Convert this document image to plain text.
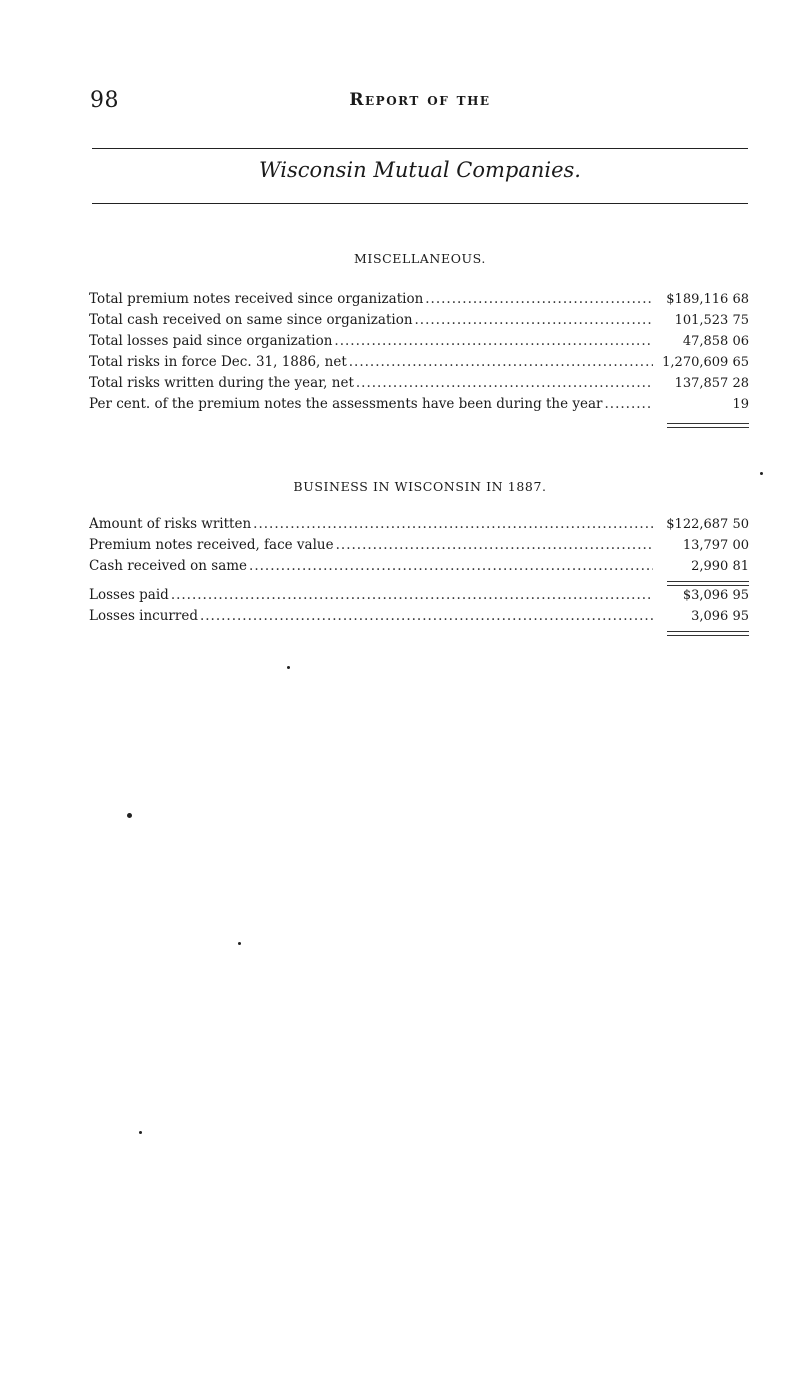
98	Report of the
Wisconsin Mutual Companies.
MISCELLANEOUS.
Total premium notes received since organization .....	$189,116 68
Total cash received on same since organization .....	101,523 75
Total losses paid since organization .....	47,858 06
Total risks in force Dec. 31, 1886, net .....	1,270,609 65
Total risks written during the year, net .....	137,857 28
Per cent. of the premium notes the assessments have been during the year .....	19
BUSINESS IN WISCONSIN IN 1887.
Amount of risks written .....	$122,687 50
Premium notes received, face value .....	13,797 00
Cash received on same .....	2,990 81
Losses paid .....	$3,096 95
Losses incurred .....	3,096 95
